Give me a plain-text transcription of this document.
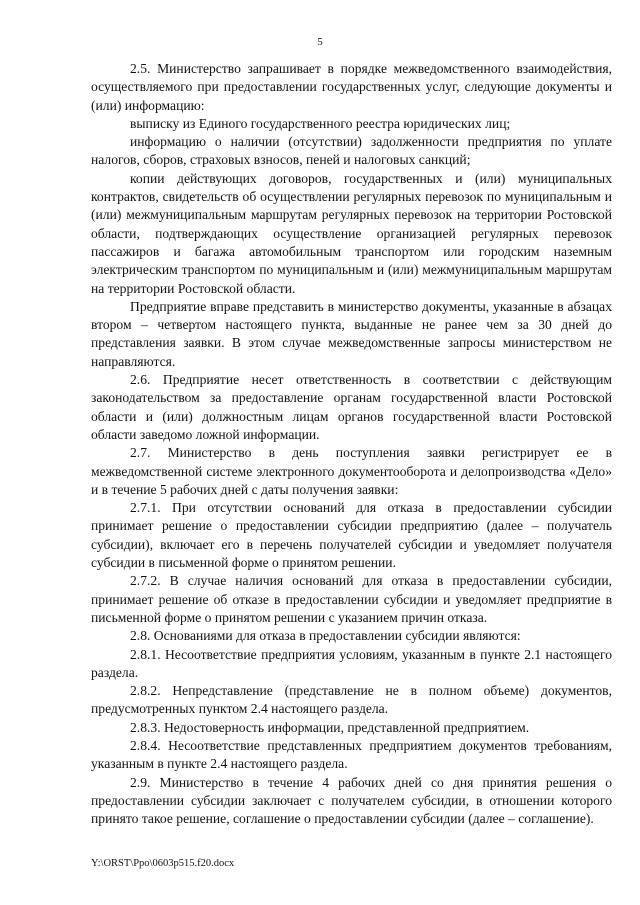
5

2.5. Министерство запрашивает в порядке межведомственного взаимодействия, осуществляемого при предоставлении государственных услуг, следующие документы и (или) информацию:

выписку из Единого государственного реестра юридических лиц;

информацию о наличии (отсутствии) задолженности предприятия по уплате налогов, сборов, страховых взносов, пеней и налоговых санкций;

копии действующих договоров, государственных и (или) муниципальных контрактов, свидетельств об осуществлении регулярных перевозок по муниципальным и (или) межмуниципальным маршрутам регулярных перевозок на территории Ростовской области, подтверждающих осуществление организацией регулярных перевозок пассажиров и багажа автомобильным транспортом или городским наземным электрическим транспортом по муниципальным и (или) межмуниципальным маршрутам на территории Ростовской области.

Предприятие вправе представить в министерство документы, указанные в абзацах втором – четвертом настоящего пункта, выданные не ранее чем за 30 дней до представления заявки. В этом случае межведомственные запросы министерством не направляются.

2.6. Предприятие несет ответственность в соответствии с действующим законодательством за предоставление органам государственной власти Ростовской области и (или) должностным лицам органов государственной власти Ростовской области заведомо ложной информации.

2.7. Министерство в день поступления заявки регистрирует ее в межведомственной системе электронного документооборота и делопроизводства «Дело» и в течение 5 рабочих дней с даты получения заявки:

2.7.1. При отсутствии оснований для отказа в предоставлении субсидии принимает решение о предоставлении субсидии предприятию (далее – получатель субсидии), включает его в перечень получателей субсидии и уведомляет получателя субсидии в письменной форме о принятом решении.

2.7.2. В случае наличия оснований для отказа в предоставлении субсидии, принимает решение об отказе в предоставлении субсидии и уведомляет предприятие в письменной форме о принятом решении с указанием причин отказа.

2.8. Основаниями для отказа в предоставлении субсидии являются:

2.8.1. Несоответствие предприятия условиям, указанным в пункте 2.1 настоящего раздела.

2.8.2. Непредставление (представление не в полном объеме) документов, предусмотренных пунктом 2.4 настоящего раздела.

2.8.3. Недостоверность информации, представленной предприятием.

2.8.4. Несоответствие представленных предприятием документов требованиям, указанным в пункте 2.4 настоящего раздела.

2.9. Министерство в течение 4 рабочих дней со дня принятия решения о предоставлении субсидии заключает с получателем субсидии, в отношении которого принято такое решение, соглашение о предоставлении субсидии (далее – соглашение).

Y:\ORST\Ppo\0603p515.f20.docx
